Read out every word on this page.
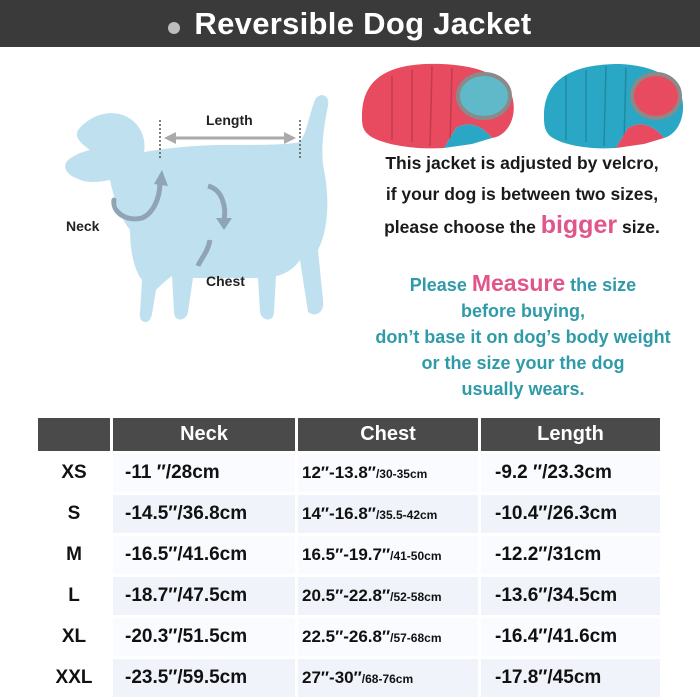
Reversible Dog Jacket
Length
Neck
Chest
This jacket is adjusted by velcro,
if your dog is between two sizes,
please choose the bigger size.
Please Measure the size
before buying,
don’t base it on dog’s body weight
or the size your the dog
usually wears.
	Neck	Chest	Length
XS	-11 ″/28cm	12″-13.8″/30-35cm	-9.2 ″/23.3cm
S	-14.5″/36.8cm	14″-16.8″/35.5-42cm	-10.4″/26.3cm
M	-16.5″/41.6cm	16.5″-19.7″/41-50cm	-12.2″/31cm
L	-18.7″/47.5cm	20.5″-22.8″/52-58cm	-13.6″/34.5cm
XL	-20.3″/51.5cm	22.5″-26.8″/57-68cm	-16.4″/41.6cm
XXL	-23.5″/59.5cm	27″-30″/68-76cm	-17.8″/45cm
